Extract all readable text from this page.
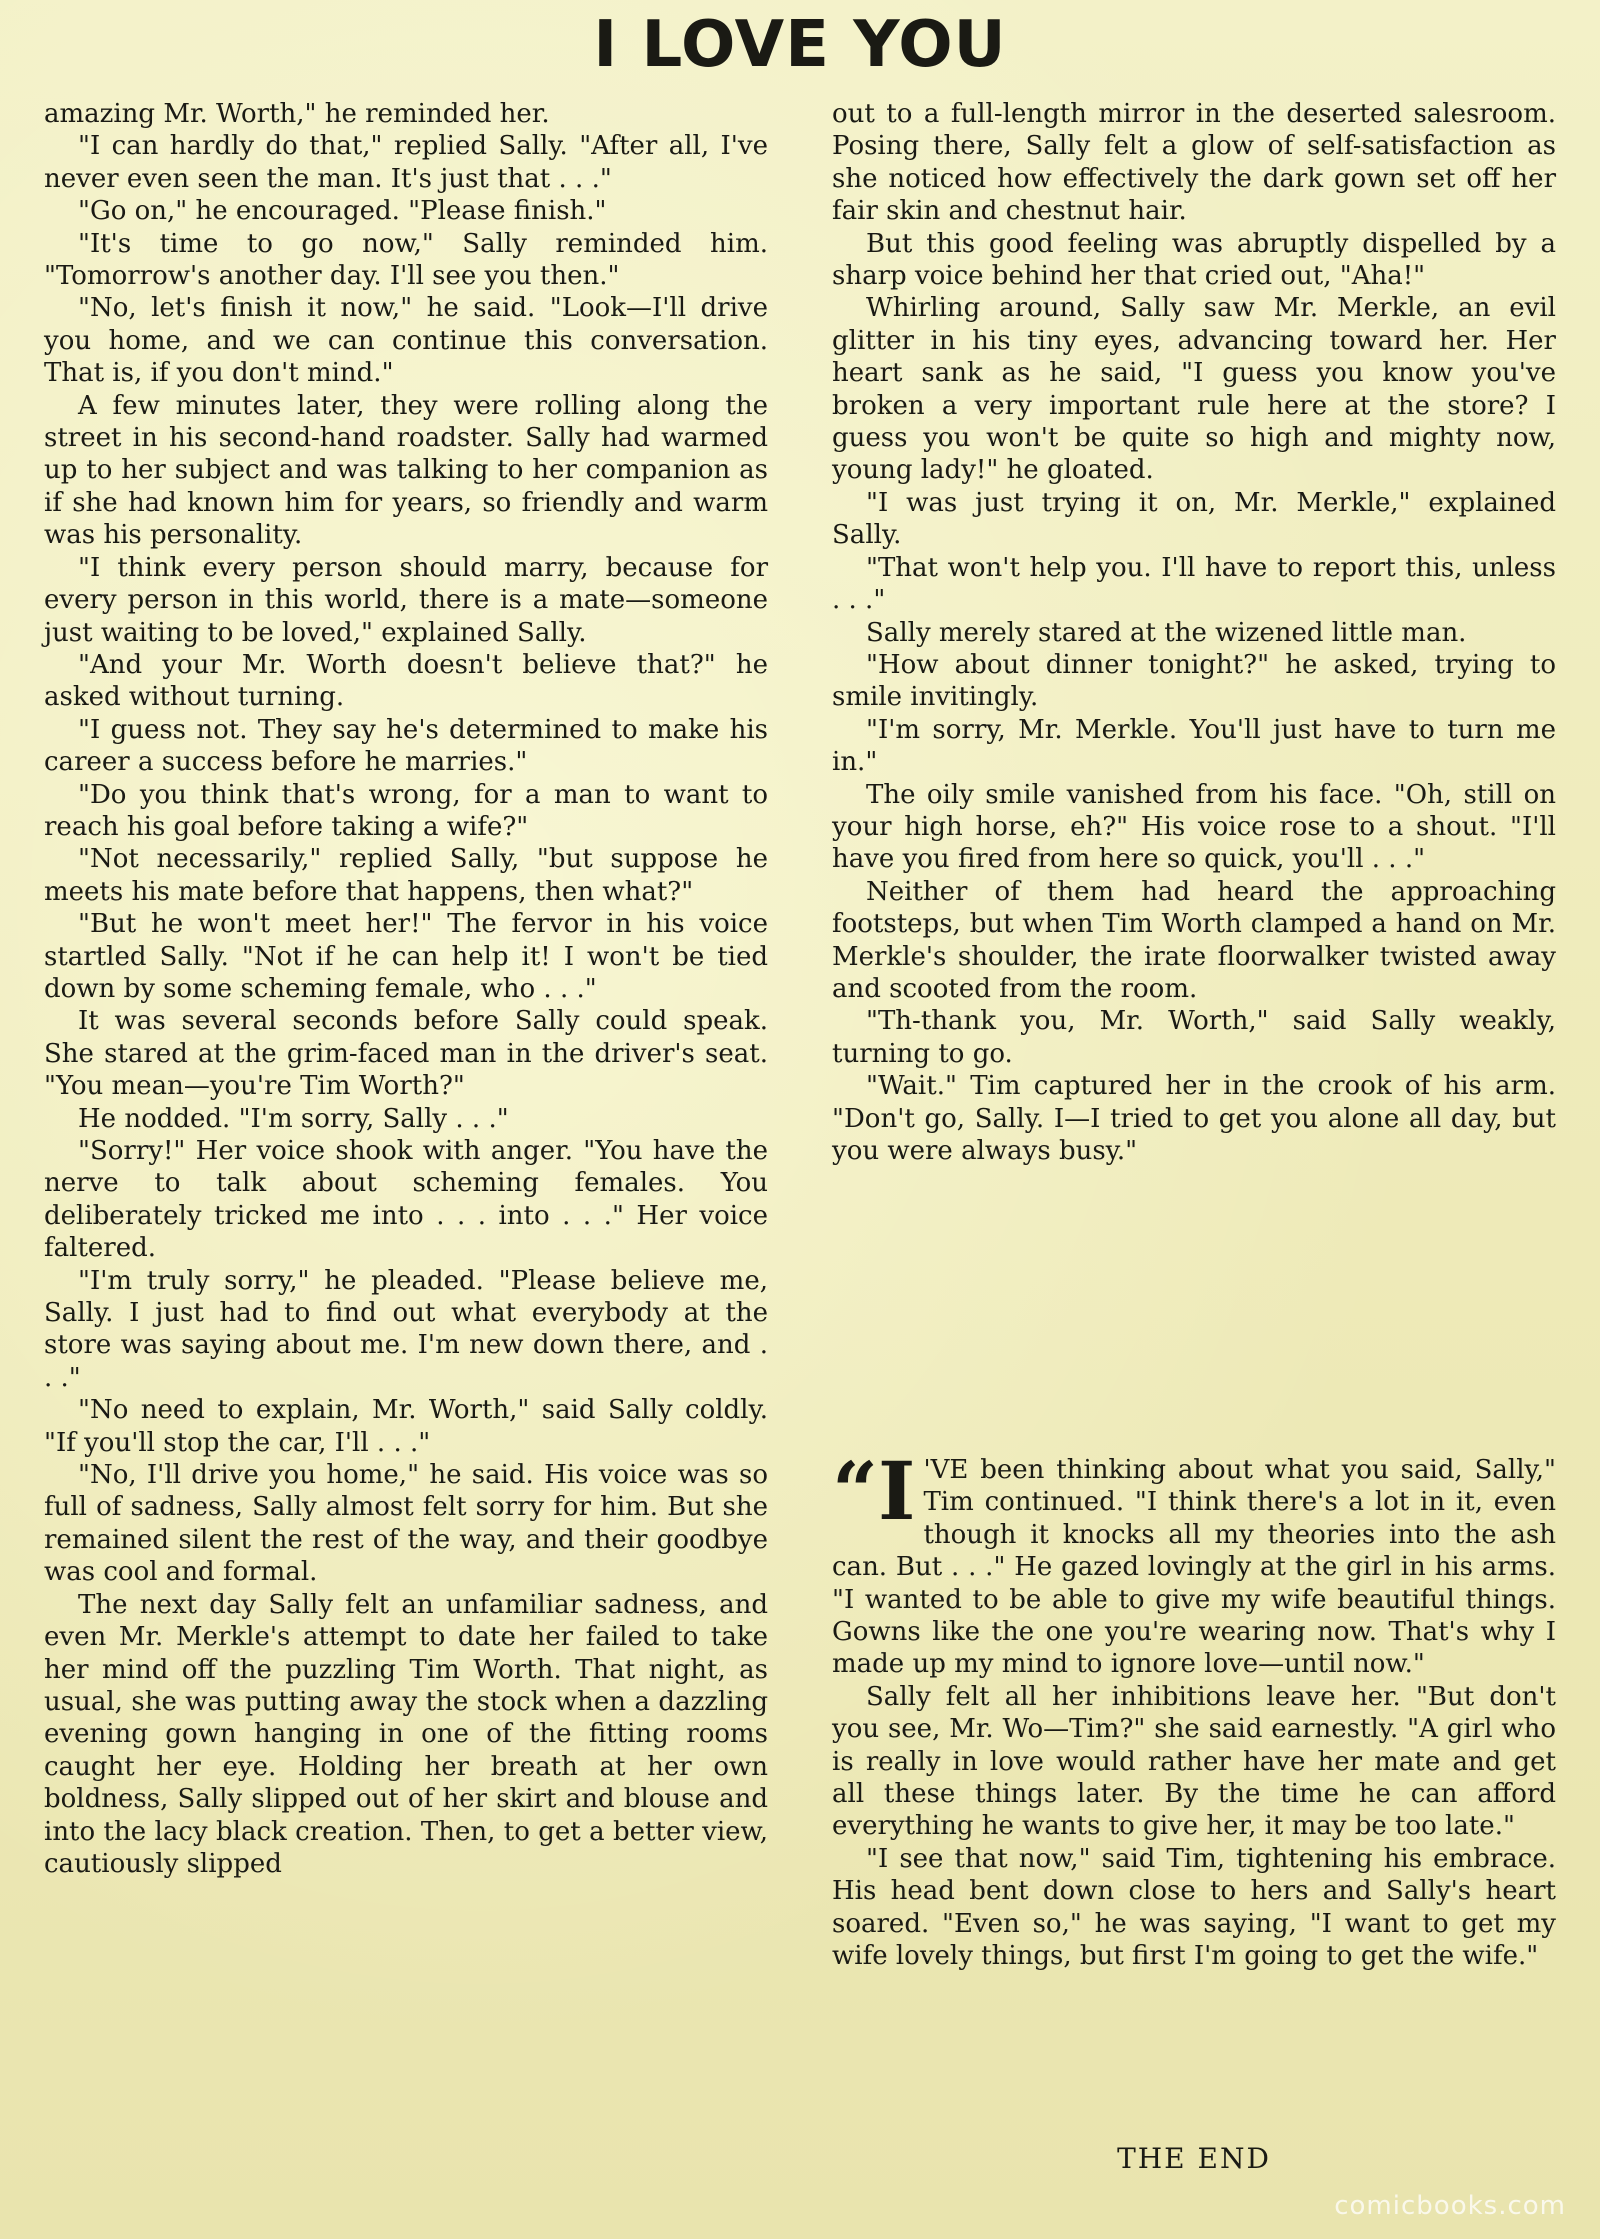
I LOVE YOU

amazing Mr. Worth," he reminded her.

"I can hardly do that," replied Sally. "After all, I've never even seen the man. It's just that . . ."

"Go on," he encouraged. "Please finish."

"It's time to go now," Sally reminded him. "Tomorrow's another day. I'll see you then."

"No, let's finish it now," he said. "Look—I'll drive you home, and we can continue this conversation. That is, if you don't mind."

A few minutes later, they were rolling along the street in his second-hand roadster. Sally had warmed up to her subject and was talking to her companion as if she had known him for years, so friendly and warm was his personality.

"I think every person should marry, because for every person in this world, there is a mate—someone just waiting to be loved," explained Sally.

"And your Mr. Worth doesn't believe that?" he asked without turning.

"I guess not. They say he's determined to make his career a success before he marries."

"Do you think that's wrong, for a man to want to reach his goal before taking a wife?"

"Not necessarily," replied Sally, "but suppose he meets his mate before that happens, then what?"

"But he won't meet her!" The fervor in his voice startled Sally. "Not if he can help it! I won't be tied down by some scheming female, who . . ."

It was several seconds before Sally could speak. She stared at the grim-faced man in the driver's seat. "You mean—you're Tim Worth?"

He nodded. "I'm sorry, Sally . . ."

"Sorry!" Her voice shook with anger. "You have the nerve to talk about scheming females. You deliberately tricked me into . . . into . . ." Her voice faltered.

"I'm truly sorry," he pleaded. "Please believe me, Sally. I just had to find out what everybody at the store was saying about me. I'm new down there, and . . ."

"No need to explain, Mr. Worth," said Sally coldly. "If you'll stop the car, I'll . . ."

"No, I'll drive you home," he said. His voice was so full of sadness, Sally almost felt sorry for him. But she remained silent the rest of the way, and their goodbye was cool and formal.

The next day Sally felt an unfamiliar sadness, and even Mr. Merkle's attempt to date her failed to take her mind off the puzzling Tim Worth. That night, as usual, she was putting away the stock when a dazzling evening gown hanging in one of the fitting rooms caught her eye. Holding her breath at her own boldness, Sally slipped out of her skirt and blouse and into the lacy black creation. Then, to get a better view, cautiously slipped

out to a full-length mirror in the deserted salesroom. Posing there, Sally felt a glow of self-satisfaction as she noticed how effectively the dark gown set off her fair skin and chestnut hair.

But this good feeling was abruptly dispelled by a sharp voice behind her that cried out, "Aha!"

Whirling around, Sally saw Mr. Merkle, an evil glitter in his tiny eyes, advancing toward her. Her heart sank as he said, "I guess you know you've broken a very important rule here at the store? I guess you won't be quite so high and mighty now, young lady!" he gloated.

"I was just trying it on, Mr. Merkle," explained Sally.

"That won't help you. I'll have to report this, unless . . ."

Sally merely stared at the wizened little man.

"How about dinner tonight?" he asked, trying to smile invitingly.

"I'm sorry, Mr. Merkle. You'll just have to turn me in."

The oily smile vanished from his face. "Oh, still on your high horse, eh?" His voice rose to a shout. "I'll have you fired from here so quick, you'll . . ."

Neither of them had heard the approaching footsteps, but when Tim Worth clamped a hand on Mr. Merkle's shoulder, the irate floorwalker twisted away and scooted from the room.

"Th-thank you, Mr. Worth," said Sally weakly, turning to go.

"Wait." Tim captured her in the crook of his arm. "Don't go, Sally. I—I tried to get you alone all day, but you were always busy."

“I 'VE been thinking about what you said, Sally," Tim continued. "I think there's a lot in it, even though it knocks all my theories into the ash can. But . . ." He gazed lovingly at the girl in his arms. "I wanted to be able to give my wife beautiful things. Gowns like the one you're wearing now. That's why I made up my mind to ignore love—until now."

Sally felt all her inhibitions leave her. "But don't you see, Mr. Wo—Tim?" she said earnestly. "A girl who is really in love would rather have her mate and get all these things later. By the time he can afford everything he wants to give her, it may be too late."

"I see that now," said Tim, tightening his embrace. His head bent down close to hers and Sally's heart soared. "Even so," he was saying, "I want to get my wife lovely things, but first I'm going to get the wife."

THE END
comicbooks.com
